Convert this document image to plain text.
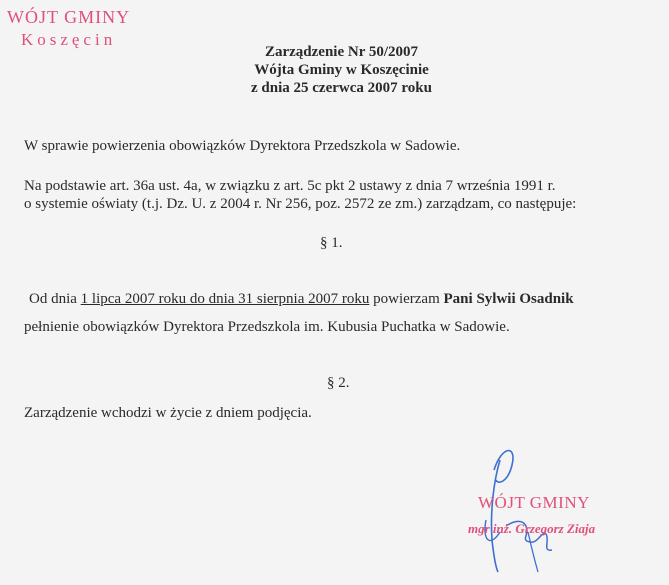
WÓJT GMINY
Koszęcin
Zarządzenie Nr 50/2007
Wójta Gminy w Koszęcinie
z dnia 25 czerwca 2007 roku
W sprawie powierzenia obowiązków Dyrektora Przedszkola w Sadowie.
Na podstawie art. 36a ust. 4a, w związku z art. 5c pkt 2 ustawy z dnia 7 września 1991 r.
o systemie oświaty (t.j. Dz. U. z 2004 r. Nr 256, poz. 2572 ze zm.) zarządzam, co następuje:
§ 1.
Od dnia 1 lipca 2007 roku do dnia 31 sierpnia 2007 roku powierzam Pani Sylwii Osadnik
pełnienie obowiązków Dyrektora Przedszkola im. Kubusia Puchatka w Sadowie.
§ 2.
Zarządzenie wchodzi w życie z dniem podjęcia.
WÓJT GMINY
mgr inż. Grzegorz Ziaja
